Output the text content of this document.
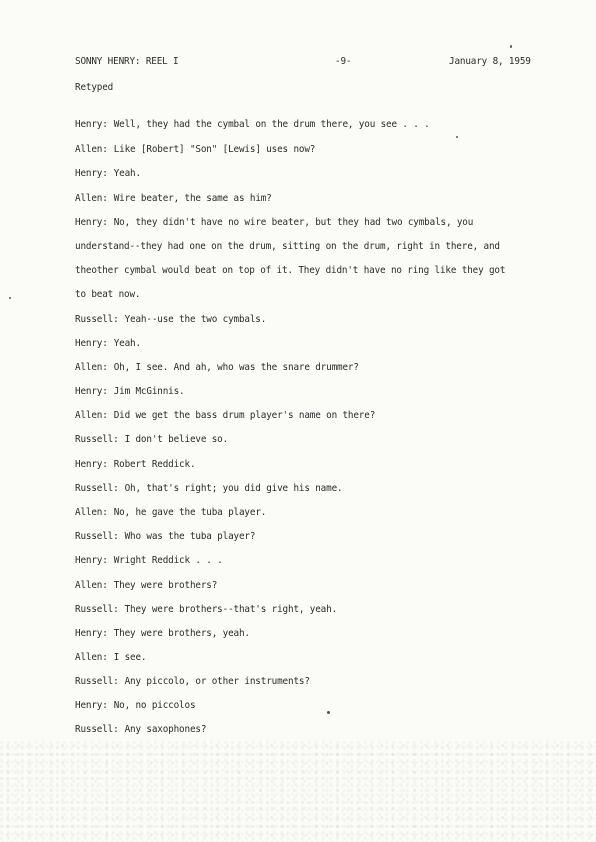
SONNY HENRY: REEL I	-9-	January 8, 1959
Retyped
Henry: Well, they had the cymbal on the drum there, you see . . .
Allen: Like [Robert] "Son" [Lewis] uses now?
Henry: Yeah.
Allen: Wire beater, the same as him?
Henry: No, they didn't have no wire beater, but they had two cymbals, you
understand--they had one on the drum, sitting on the drum, right in there, and
theother cymbal would beat on top of it. They didn't have no ring like they got
to beat now.
Russell: Yeah--use the two cymbals.
Henry: Yeah.
Allen: Oh, I see. And ah, who was the snare drummer?
Henry: Jim McGinnis.
Allen: Did we get the bass drum player's name on there?
Russell: I don't believe so.
Henry: Robert Reddick.
Russell: Oh, that's right; you did give his name.
Allen: No, he gave the tuba player.
Russell: Who was the tuba player?
Henry: Wright Reddick . . .
Allen: They were brothers?
Russell: They were brothers--that's right, yeah.
Henry: They were brothers, yeah.
Allen: I see.
Russell: Any piccolo, or other instruments?
Henry: No, no piccolos
Russell: Any saxophones?
